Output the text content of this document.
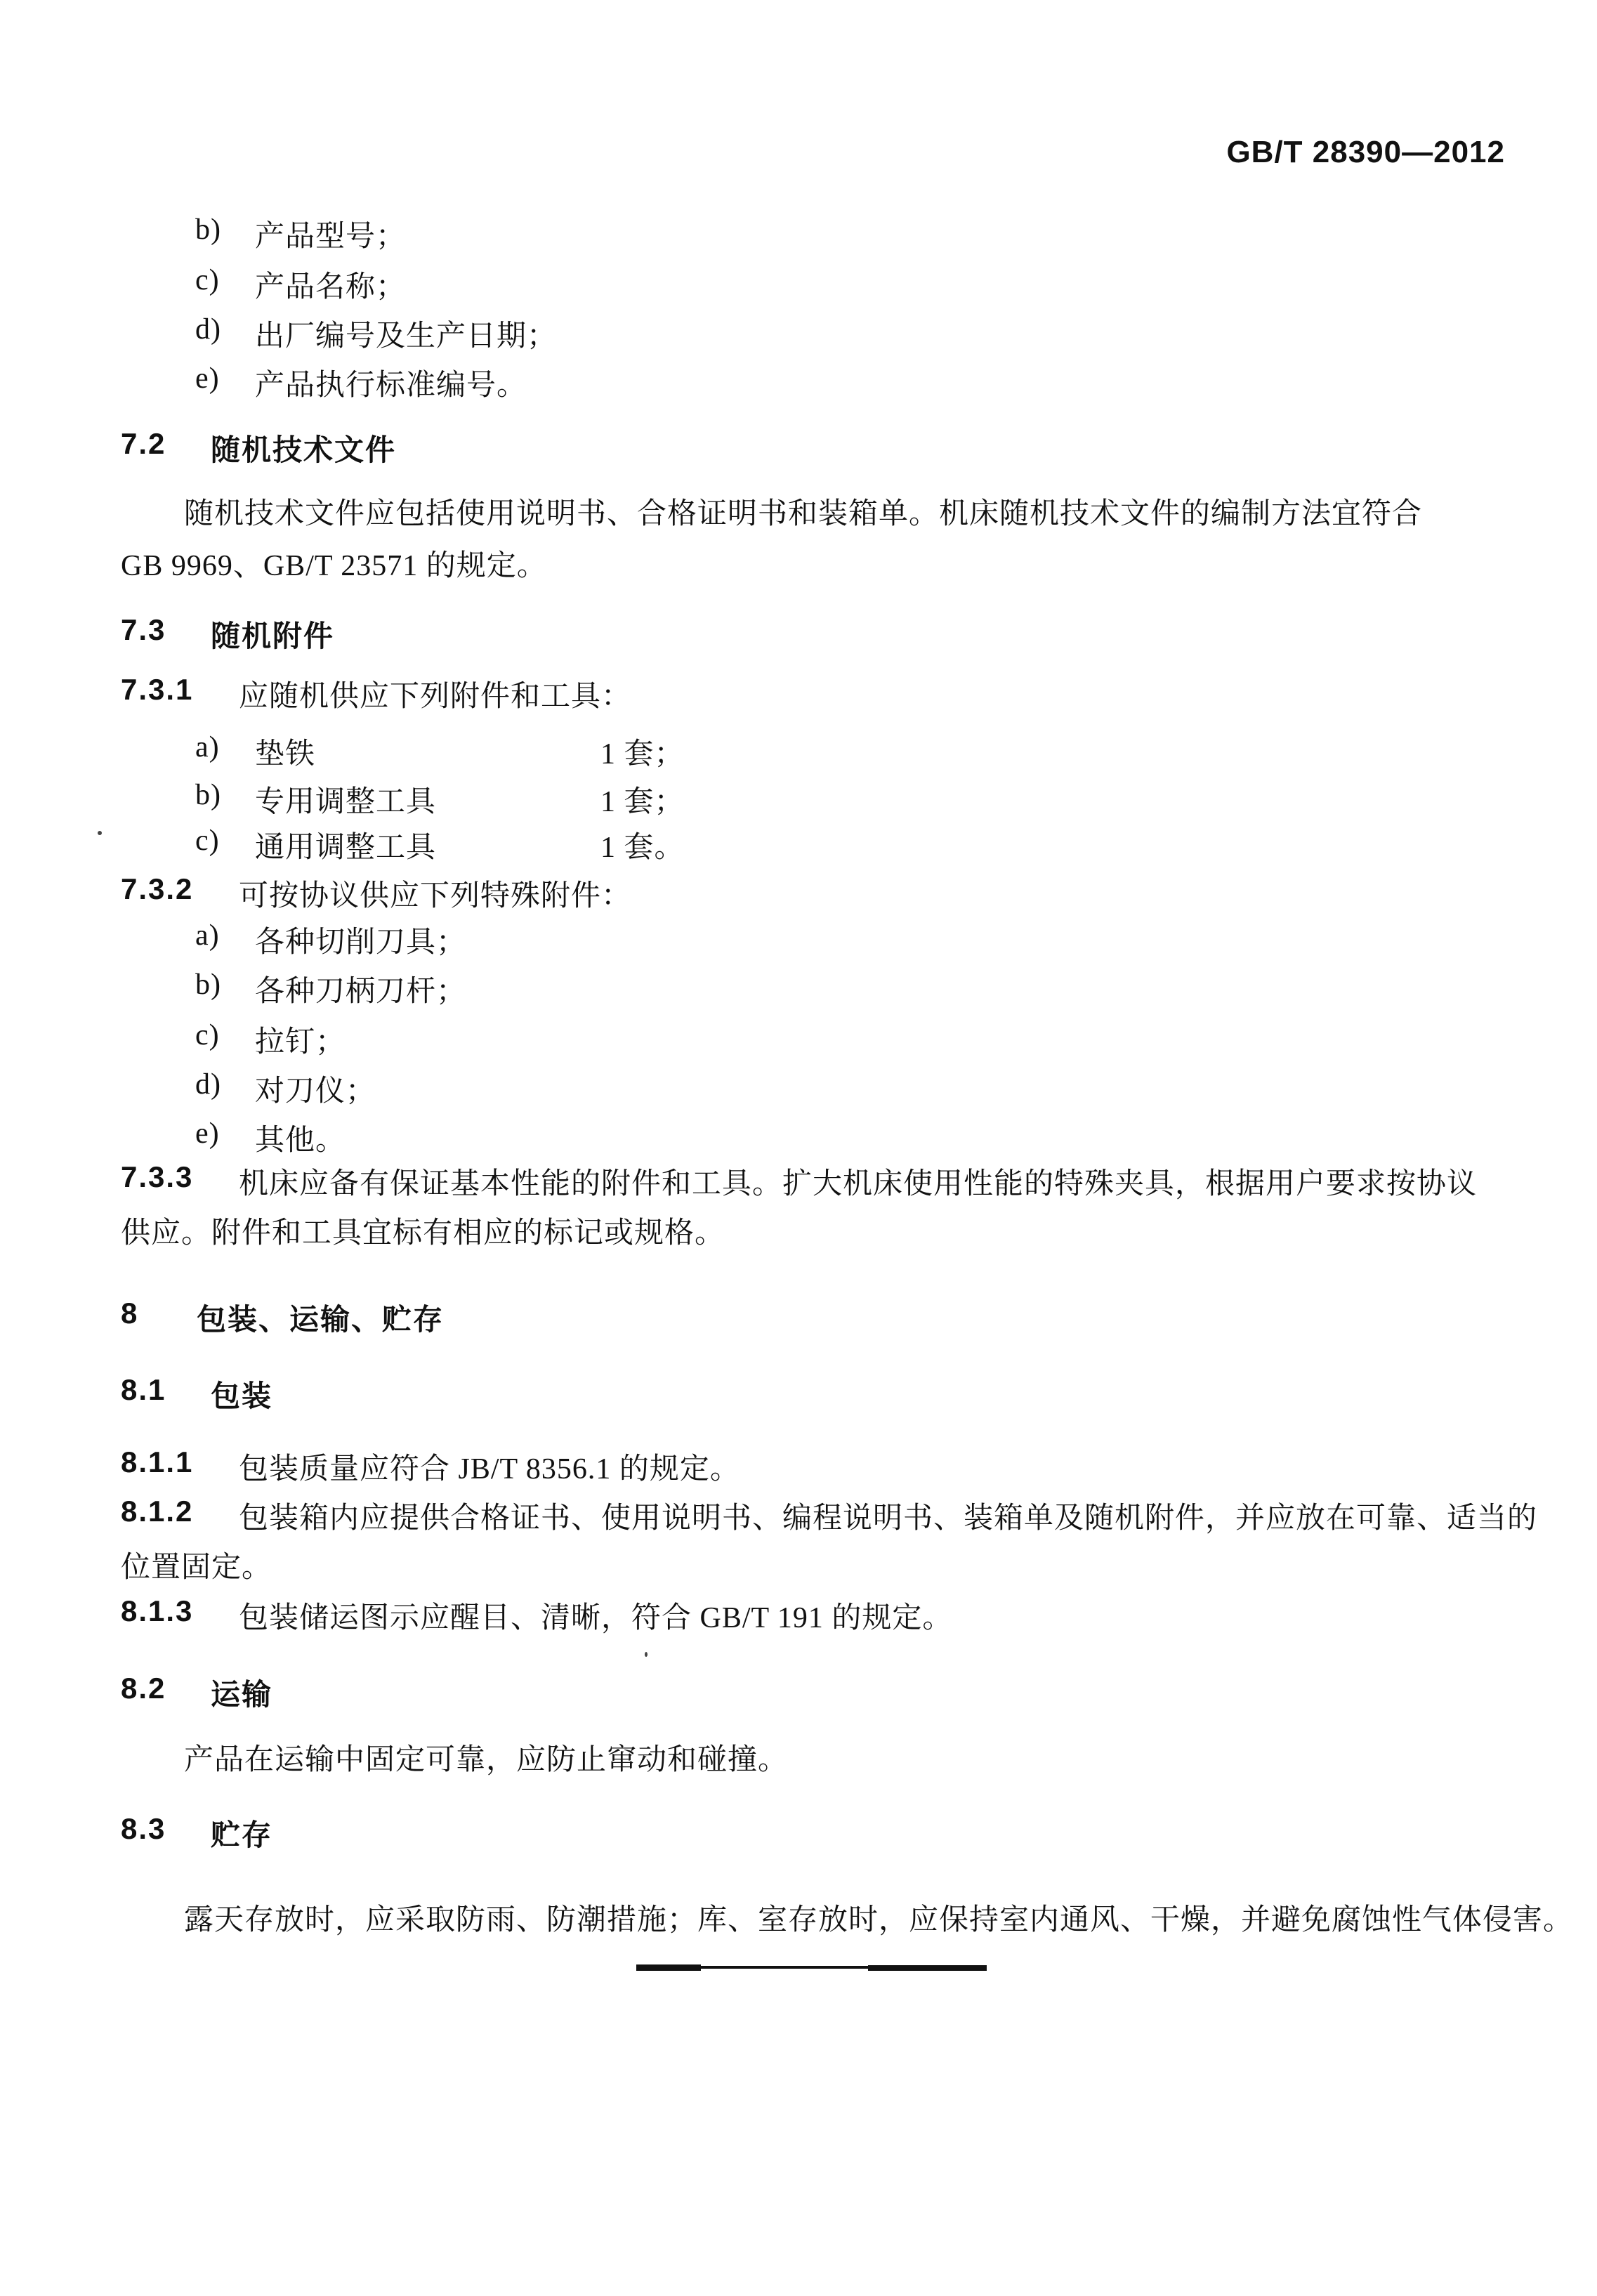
GB/T 28390—2012
b) 产品型号；
c) 产品名称；
d) 出厂编号及生产日期；
e) 产品执行标准编号。
7.2 随机技术文件
随机技术文件应包括使用说明书、合格证明书和装箱单。机床随机技术文件的编制方法宜符合
GB 9969、GB/T 23571 的规定。
7.3 随机附件
7.3.1 应随机供应下列附件和工具：
a) 垫铁	1 套；
b) 专用调整工具	1 套；
c) 通用调整工具	1 套。
7.3.2 可按协议供应下列特殊附件：
a) 各种切削刀具；
b) 各种刀柄刀杆；
c) 拉钉；
d) 对刀仪；
e) 其他。
7.3.3 机床应备有保证基本性能的附件和工具。扩大机床使用性能的特殊夹具，根据用户要求按协议
供应。附件和工具宜标有相应的标记或规格。
8 包装、运输、贮存
8.1 包装
8.1.1 包装质量应符合 JB/T 8356.1 的规定。
8.1.2 包装箱内应提供合格证书、使用说明书、编程说明书、装箱单及随机附件，并应放在可靠、适当的
位置固定。
8.1.3 包装储运图示应醒目、清晰，符合 GB/T 191 的规定。
8.2 运输
产品在运输中固定可靠，应防止窜动和碰撞。
8.3 贮存
露天存放时，应采取防雨、防潮措施；库、室存放时，应保持室内通风、干燥，并避免腐蚀性气体侵害。
